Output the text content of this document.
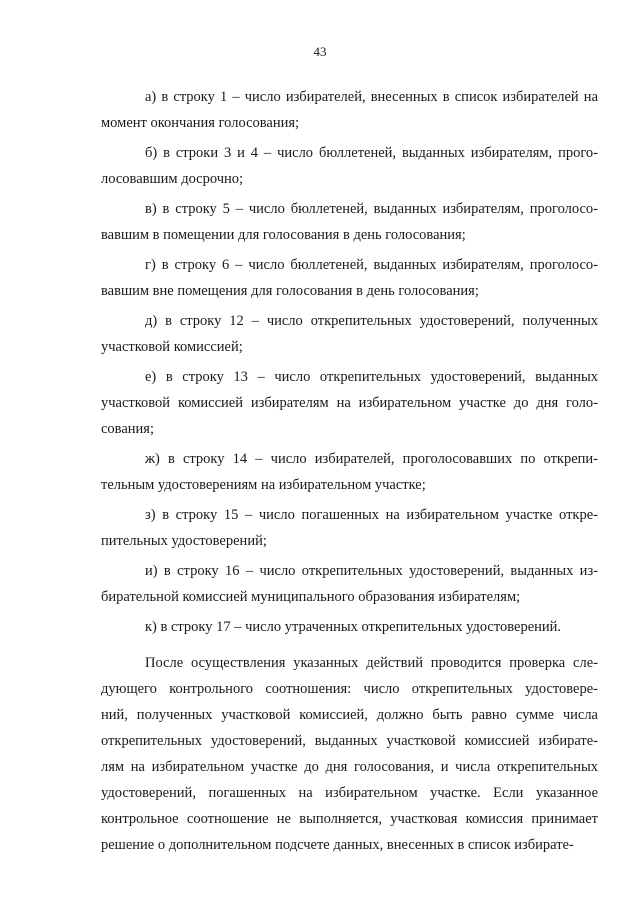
43
а) в строку 1 – число избирателей, внесенных в список избирателей на
момент окончания голосования;
б) в строки 3 и 4 – число бюллетеней, выданных избирателям, прого-
лосовавшим досрочно;
в) в строку 5 – число бюллетеней, выданных избирателям, проголосо-
вавшим в помещении для голосования в день голосования;
г) в строку 6 – число бюллетеней, выданных избирателям, проголосо-
вавшим вне помещения для голосования в день голосования;
д) в строку 12 – число открепительных удостоверений, полученных
участковой комиссией;
е) в строку 13 – число открепительных удостоверений, выданных
участковой комиссией избирателям на избирательном участке до дня голо-
сования;
ж) в строку 14 – число избирателей, проголосовавших по открепи-
тельным удостоверениям на избирательном участке;
з) в строку 15 – число погашенных на избирательном участке откре-
пительных удостоверений;
и) в строку 16 – число открепительных удостоверений, выданных из-
бирательной комиссией муниципального образования избирателям;
к) в строку 17 – число утраченных открепительных удостоверений.
После осуществления указанных действий проводится проверка сле-
дующего контрольного соотношения: число открепительных удостовере-
ний, полученных участковой комиссией, должно быть равно сумме числа
открепительных удостоверений, выданных участковой комиссией избирате-
лям на избирательном участке до дня голосования, и числа открепительных
удостоверений, погашенных на избирательном участке. Если указанное
контрольное соотношение не выполняется, участковая комиссия принимает
решение о дополнительном подсчете данных, внесенных в список избирате-
